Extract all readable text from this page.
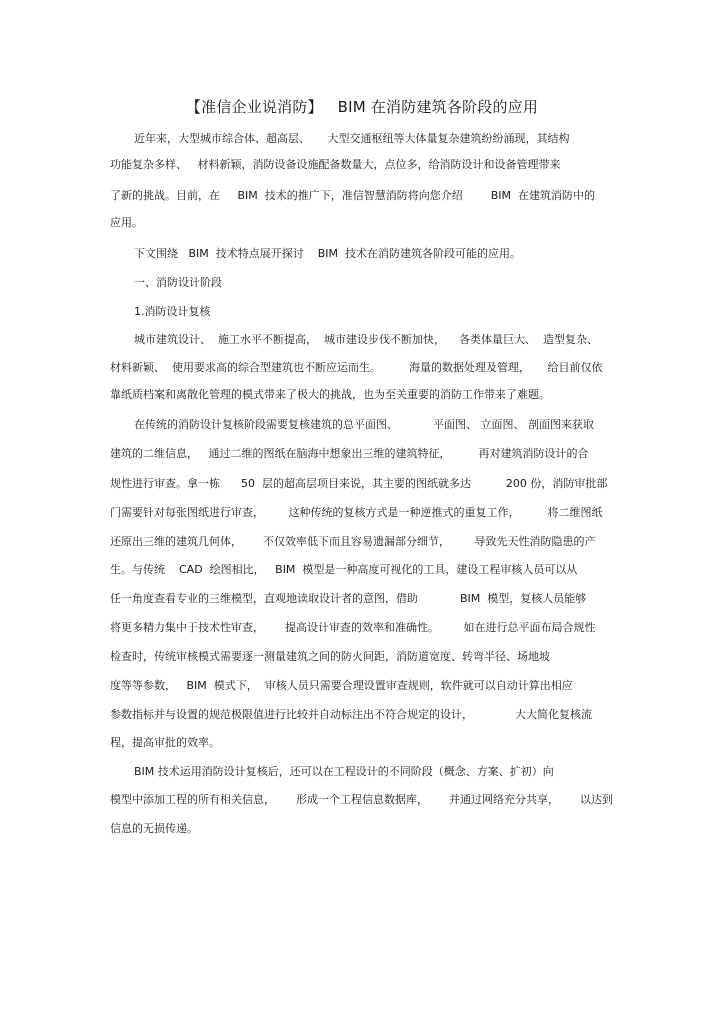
【准信企业说消防】   BIM 在消防建筑各阶段的应用
近年来，大型城市综合体、超高层、     大型交通枢纽等大体量复杂建筑纷纷涌现，其结构
功能复杂多样、   材料新颖，消防设备设施配备数量大，点位多，给消防设计和设备管理带来
了新的挑战。目前，在     BIM  技术的推广下，准信智慧消防将向您介绍        BIM  在建筑消防中的
应用。
下文围绕   BIM  技术特点展开探讨    BIM  技术在消防建筑各阶段可能的应用。
一、消防设计阶段
1.消防设计复核
城市建筑设计、  施工水平不断提高，  城市建设步伐不断加快，    各类体量巨大、  造型复杂、
材料新颖、  使用要求高的综合型建筑也不断应运而生。        海量的数据处理及管理，     给目前仅依
靠纸质档案和离散化管理的模式带来了极大的挑战，也为至关重要的消防工作带来了难题。
在传统的消防设计复核阶段需要复核建筑的总平面图、          平面图、 立面图、 剖面图来获取
建筑的二维信息，   通过二维的图纸在脑海中想象出三维的建筑特征，        再对建筑消防设计的合
规性进行审查。拿一栋      50  层的超高层项目来说，其主要的图纸就多达          200 份，消防审批部
门需要针对每张图纸进行审查，       这种传统的复核方式是一种逆推式的重复工作，        将二维图纸
还原出三维的建筑几何体，      不仅效率低下而且容易遗漏部分细节，       导致先天性消防隐患的产
生。与传统    CAD  绘图相比，   BIM  模型是一种高度可视化的工具，建设工程审核人员可以从
任一角度查看专业的三维模型，直观地读取设计者的意图，借助            BIM  模型，复核人员能够
将更多精力集中于技术性审查，      提高设计审查的效率和准确性。       如在进行总平面布局合规性
检查时，传统审核模式需要逐一测量建筑之间的防火间距，消防道宽度、转弯半径、场地坡
度等等参数，   BIM  模式下，  审核人员只需要合理设置审查规则，软件就可以自动计算出相应
参数指标并与设置的规范极限值进行比较并自动标注出不符合规定的设计，            大大简化复核流
程，提高审批的效率。
BIM 技术运用消防设计复核后，还可以在工程设计的不同阶段（概念、方案、扩初）向
模型中添加工程的所有相关信息，      形成一个工程信息数据库，      并通过网络充分共享，      以达到
信息的无损传递。
